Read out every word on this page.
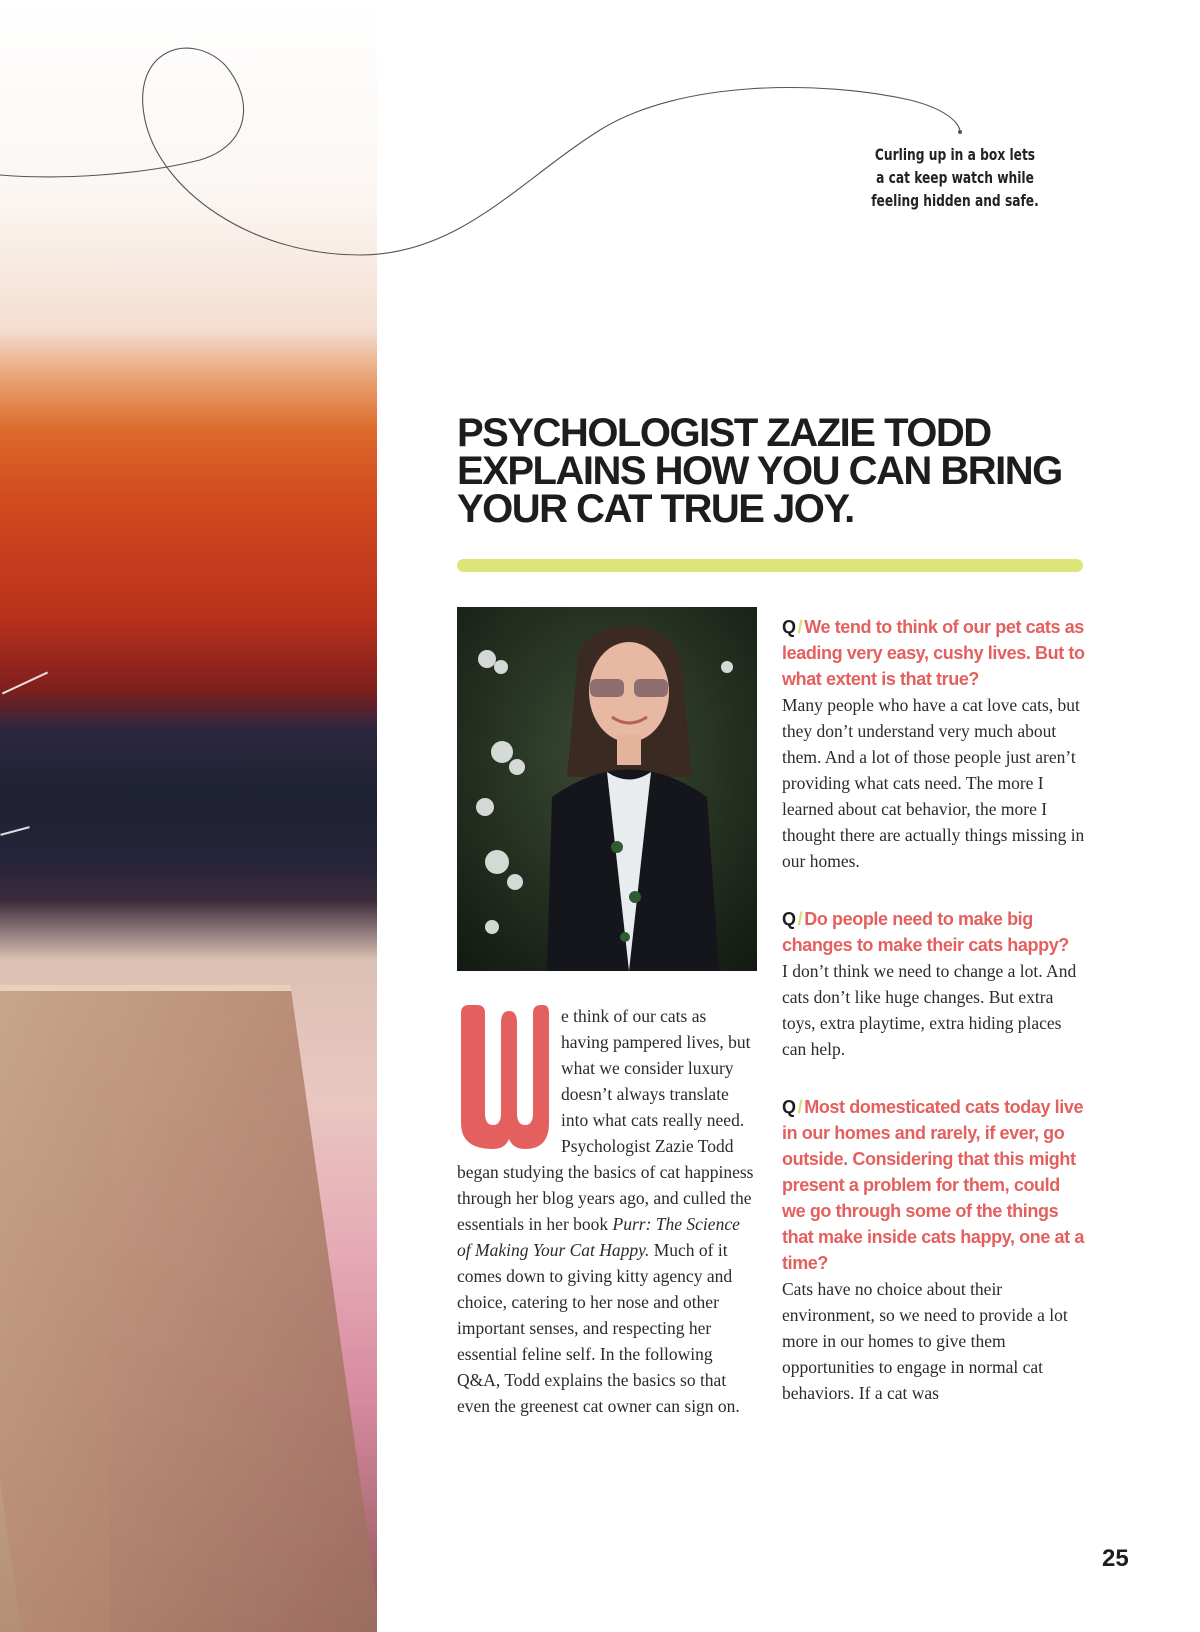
Curling up in a box lets a cat keep watch while feeling hidden and safe.
PSYCHOLOGIST ZAZIE TODD EXPLAINS HOW YOU CAN BRING YOUR CAT TRUE JOY.
e think of our cats as having pampered lives, but what we consider luxury doesn’t always translate into what cats really need. Psychologist Zazie Todd began studying the basics of cat happiness through her blog years ago, and culled the essentials in her book Purr: The Science of Making Your Cat Happy. Much of it comes down to giving kitty agency and choice, catering to her nose and other important senses, and respecting her essential feline self. In the following Q&A, Todd explains the basics so that even the greenest cat owner can sign on.

Q / We tend to think of our pet cats as leading very easy, cushy lives. But to what extent is that true?

Many people who have a cat love cats, but they don’t understand very much about them. And a lot of those people just aren’t providing what cats need. The more I learned about cat behavior, the more I thought there are actually things missing in our homes.

Q / Do people need to make big changes to make their cats happy?

I don’t think we need to change a lot. And cats don’t like huge changes. But extra toys, extra playtime, extra hiding places can help.

Q / Most domesticated cats today live in our homes and rarely, if ever, go outside. Considering that this might present a problem for them, could we go through some of the things that make inside cats happy, one at a time?

Cats have no choice about their environment, so we need to provide a lot more in our homes to give them opportunities to engage in normal cat behaviors. If a cat was

25
